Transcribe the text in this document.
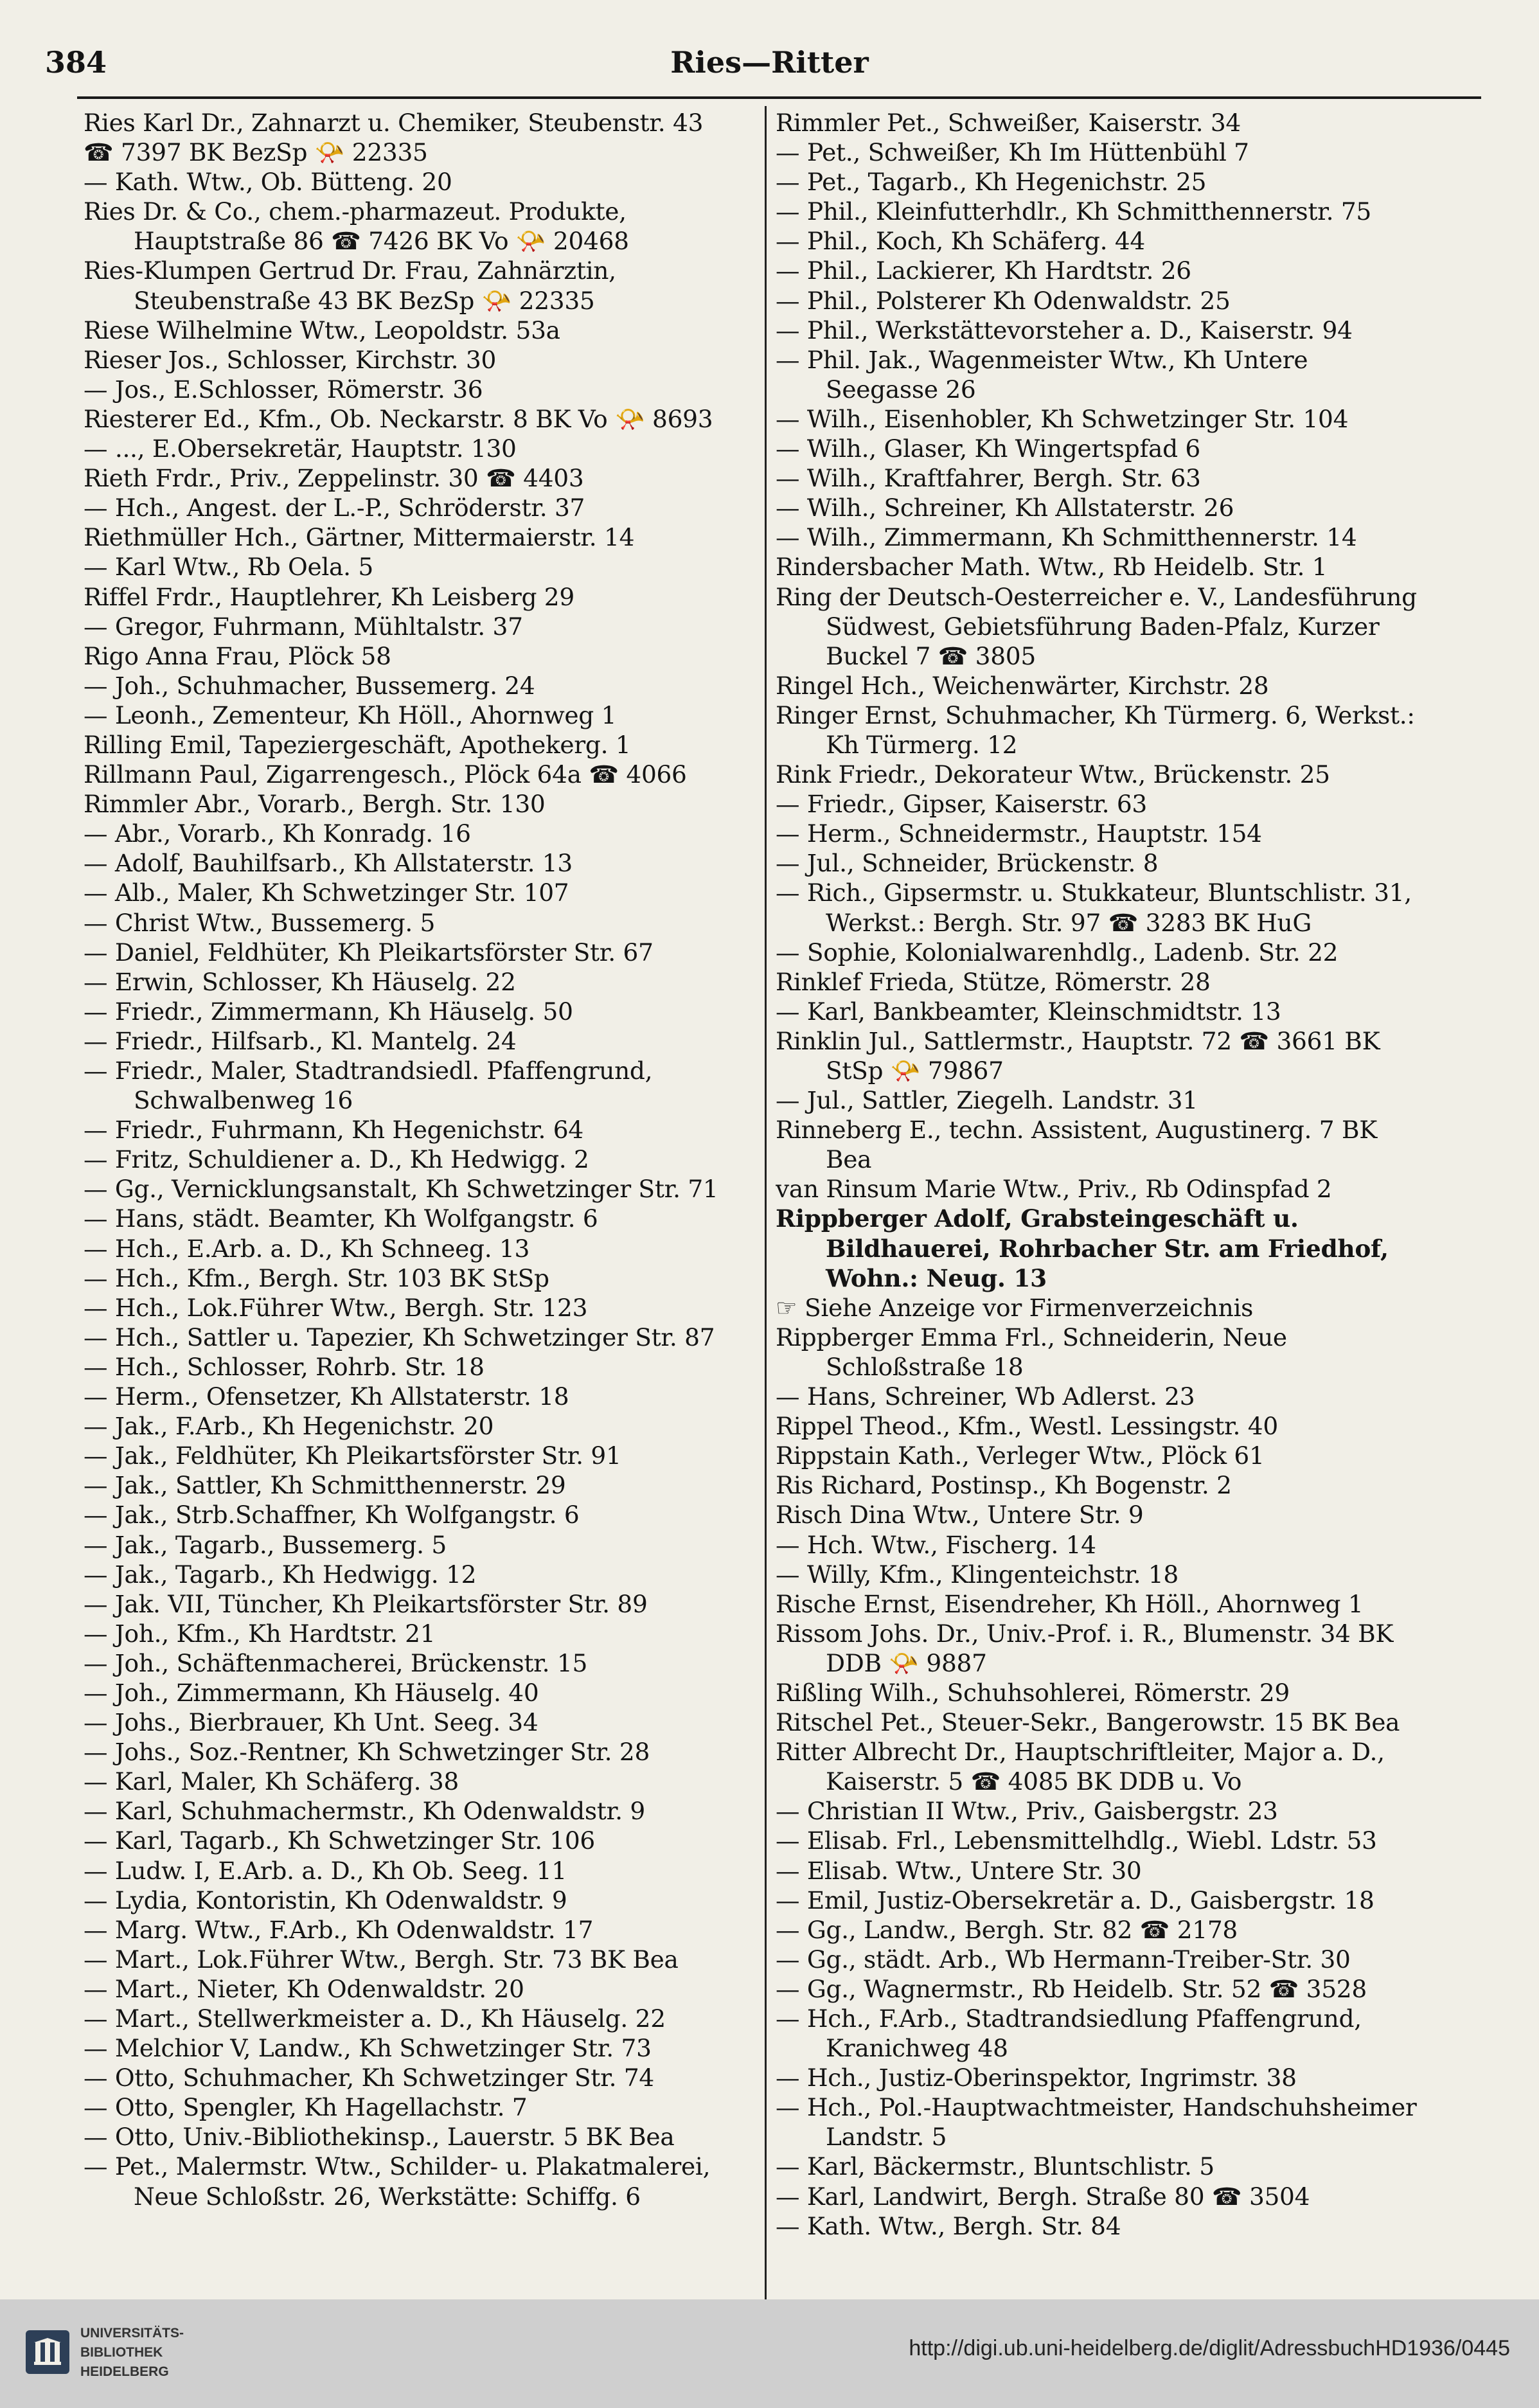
384	Ries—Ritter
Ries Karl Dr., Zahnarzt u. Chemiker, Steubenstr. 43
☎ 7397 BK BezSp 📯 22335
— Kath. Wtw., Ob. Bütteng. 20
Ries Dr. & Co., chem.-pharmazeut. Produkte, Hauptstraße 86 ☎ 7426 BK Vo 📯 20468
Ries-Klumpen Gertrud Dr. Frau, Zahnärztin, Steubenstraße 43 BK BezSp 📯 22335
Riese Wilhelmine Wtw., Leopoldstr. 53a
Rieser Jos., Schlosser, Kirchstr. 30
— Jos., E.Schlosser, Römerstr. 36
Riesterer Ed., Kfm., Ob. Neckarstr. 8 BK Vo 📯 8693
— ..., E.Obersekretär, Hauptstr. 130
Rieth Frdr., Priv., Zeppelinstr. 30 ☎ 4403
— Hch., Angest. der L.-P., Schröderstr. 37
Riethmüller Hch., Gärtner, Mittermaierstr. 14
— Karl Wtw., Rb Oela. 5
Riffel Frdr., Hauptlehrer, Kh Leisberg 29
— Gregor, Fuhrmann, Mühltalstr. 37
Rigo Anna Frau, Plöck 58
— Joh., Schuhmacher, Bussemerg. 24
— Leonh., Zementeur, Kh Höll., Ahornweg 1
Rilling Emil, Tapeziergeschäft, Apothekerg. 1
Rillmann Paul, Zigarrengesch., Plöck 64a ☎ 4066
Rimmler Abr., Vorarb., Bergh. Str. 130
— Abr., Vorarb., Kh Konradg. 16
— Adolf, Bauhilfsarb., Kh Allstaterstr. 13
— Alb., Maler, Kh Schwetzinger Str. 107
— Christ Wtw., Bussemerg. 5
— Daniel, Feldhüter, Kh Pleikartsförster Str. 67
— Erwin, Schlosser, Kh Häuselg. 22
— Friedr., Zimmermann, Kh Häuselg. 50
— Friedr., Hilfsarb., Kl. Mantelg. 24
— Friedr., Maler, Stadtrandsiedl. Pfaffengrund, Schwalbenweg 16
— Friedr., Fuhrmann, Kh Hegenichstr. 64
— Fritz, Schuldiener a. D., Kh Hedwigg. 2
— Gg., Vernicklungsanstalt, Kh Schwetzinger Str. 71
— Hans, städt. Beamter, Kh Wolfgangstr. 6
— Hch., E.Arb. a. D., Kh Schneeg. 13
— Hch., Kfm., Bergh. Str. 103 BK StSp
— Hch., Lok.Führer Wtw., Bergh. Str. 123
— Hch., Sattler u. Tapezier, Kh Schwetzinger Str. 87
— Hch., Schlosser, Rohrb. Str. 18
— Herm., Ofensetzer, Kh Allstaterstr. 18
— Jak., F.Arb., Kh Hegenichstr. 20
— Jak., Feldhüter, Kh Pleikartsförster Str. 91
— Jak., Sattler, Kh Schmitthennerstr. 29
— Jak., Strb.Schaffner, Kh Wolfgangstr. 6
— Jak., Tagarb., Bussemerg. 5
— Jak., Tagarb., Kh Hedwigg. 12
— Jak. VII, Tüncher, Kh Pleikartsförster Str. 89
— Joh., Kfm., Kh Hardtstr. 21
— Joh., Schäftenmacherei, Brückenstr. 15
— Joh., Zimmermann, Kh Häuselg. 40
— Johs., Bierbrauer, Kh Unt. Seeg. 34
— Johs., Soz.-Rentner, Kh Schwetzinger Str. 28
— Karl, Maler, Kh Schäferg. 38
— Karl, Schuhmachermstr., Kh Odenwaldstr. 9
— Karl, Tagarb., Kh Schwetzinger Str. 106
— Ludw. I, E.Arb. a. D., Kh Ob. Seeg. 11
— Lydia, Kontoristin, Kh Odenwaldstr. 9
— Marg. Wtw., F.Arb., Kh Odenwaldstr. 17
— Mart., Lok.Führer Wtw., Bergh. Str. 73 BK Bea
— Mart., Nieter, Kh Odenwaldstr. 20
— Mart., Stellwerkmeister a. D., Kh Häuselg. 22
— Melchior V, Landw., Kh Schwetzinger Str. 73
— Otto, Schuhmacher, Kh Schwetzinger Str. 74
— Otto, Spengler, Kh Hagellachstr. 7
— Otto, Univ.-Bibliothekinsp., Lauerstr. 5 BK Bea
— Pet., Malermstr. Wtw., Schilder- u. Plakatmalerei, Neue Schloßstr. 26, Werkstätte: Schiffg. 6
Rimmler Pet., Schweißer, Kaiserstr. 34
— Pet., Schweißer, Kh Im Hüttenbühl 7
— Pet., Tagarb., Kh Hegenichstr. 25
— Phil., Kleinfutterhdlr., Kh Schmitthennerstr. 75
— Phil., Koch, Kh Schäferg. 44
— Phil., Lackierer, Kh Hardtstr. 26
— Phil., Polsterer Kh Odenwaldstr. 25
— Phil., Werkstättevorsteher a. D., Kaiserstr. 94
— Phil. Jak., Wagenmeister Wtw., Kh Untere Seegasse 26
— Wilh., Eisenhobler, Kh Schwetzinger Str. 104
— Wilh., Glaser, Kh Wingertspfad 6
— Wilh., Kraftfahrer, Bergh. Str. 63
— Wilh., Schreiner, Kh Allstaterstr. 26
— Wilh., Zimmermann, Kh Schmitthennerstr. 14
Rindersbacher Math. Wtw., Rb Heidelb. Str. 1
Ring der Deutsch-Oesterreicher e. V., Landesführung Südwest, Gebietsführung Baden-Pfalz, Kurzer Buckel 7 ☎ 3805
Ringel Hch., Weichenwärter, Kirchstr. 28
Ringer Ernst, Schuhmacher, Kh Türmerg. 6, Werkst.: Kh Türmerg. 12
Rink Friedr., Dekorateur Wtw., Brückenstr. 25
— Friedr., Gipser, Kaiserstr. 63
— Herm., Schneidermstr., Hauptstr. 154
— Jul., Schneider, Brückenstr. 8
— Rich., Gipsermstr. u. Stukkateur, Bluntschlistr. 31, Werkst.: Bergh. Str. 97 ☎ 3283 BK HuG
— Sophie, Kolonialwarenhdlg., Ladenb. Str. 22
Rinklef Frieda, Stütze, Römerstr. 28
— Karl, Bankbeamter, Kleinschmidtstr. 13
Rinklin Jul., Sattlermstr., Hauptstr. 72 ☎ 3661 BK StSp 📯 79867
— Jul., Sattler, Ziegelh. Landstr. 31
Rinneberg E., techn. Assistent, Augustinerg. 7 BK Bea
van Rinsum Marie Wtw., Priv., Rb Odinspfad 2
Rippberger Adolf, Grabsteingeschäft u. Bildhauerei, Rohrbacher Str. am Friedhof, Wohn.: Neug. 13
☞ Siehe Anzeige vor Firmenverzeichnis
Rippberger Emma Frl., Schneiderin, Neue Schloßstraße 18
— Hans, Schreiner, Wb Adlerst. 23
Rippel Theod., Kfm., Westl. Lessingstr. 40
Rippstain Kath., Verleger Wtw., Plöck 61
Ris Richard, Postinsp., Kh Bogenstr. 2
Risch Dina Wtw., Untere Str. 9
— Hch. Wtw., Fischerg. 14
— Willy, Kfm., Klingenteichstr. 18
Rische Ernst, Eisendreher, Kh Höll., Ahornweg 1
Rissom Johs. Dr., Univ.-Prof. i. R., Blumenstr. 34 BK DDB 📯 9887
Rißling Wilh., Schuhsohlerei, Römerstr. 29
Ritschel Pet., Steuer-Sekr., Bangerowstr. 15 BK Bea
Ritter Albrecht Dr., Hauptschriftleiter, Major a. D., Kaiserstr. 5 ☎ 4085 BK DDB u. Vo
— Christian II Wtw., Priv., Gaisbergstr. 23
— Elisab. Frl., Lebensmittelhdlg., Wiebl. Ldstr. 53
— Elisab. Wtw., Untere Str. 30
— Emil, Justiz-Obersekretär a. D., Gaisbergstr. 18
— Gg., Landw., Bergh. Str. 82 ☎ 2178
— Gg., städt. Arb., Wb Hermann-Treiber-Str. 30
— Gg., Wagnermstr., Rb Heidelb. Str. 52 ☎ 3528
— Hch., F.Arb., Stadtrandsiedlung Pfaffengrund, Kranichweg 48
— Hch., Justiz-Oberinspektor, Ingrimstr. 38
— Hch., Pol.-Hauptwachtmeister, Handschuhsheimer Landstr. 5
— Karl, Bäckermstr., Bluntschlistr. 5
— Karl, Landwirt, Bergh. Straße 80 ☎ 3504
— Kath. Wtw., Bergh. Str. 84
UNIVERSITÄTS-
BIBLIOTHEK
HEIDELBERG
http://digi.ub.uni-heidelberg.de/diglit/AdressbuchHD1936/0445
